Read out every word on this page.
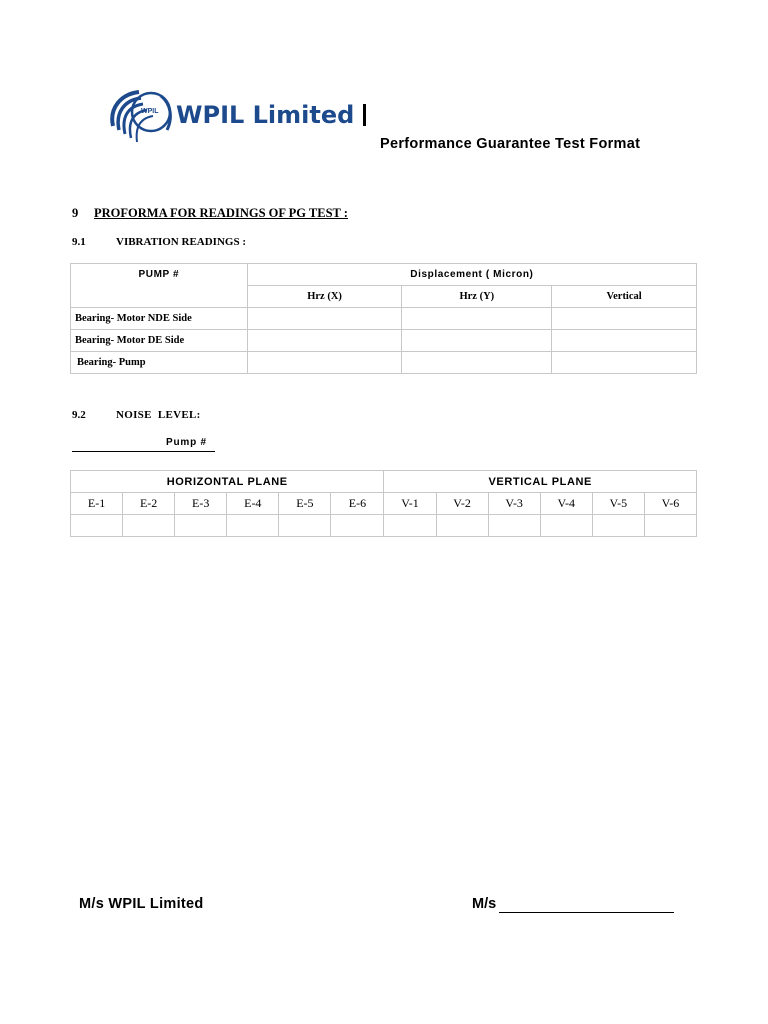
WPIL WPIL Limited
Performance Guarantee Test Format
9 PROFORMA FOR READINGS OF PG TEST :
9.1	VIBRATION READINGS :
PUMP #	Displacement ( Micron)		
	Hrz (X)	Hrz (Y)	Vertical
Bearing- Motor NDE Side			
Bearing- Motor DE Side			
Bearing- Pump			
9.2	NOISE  LEVEL:
Pump #
HORIZONTAL PLANE						VERTICAL PLANE					
E-1	E-2	E-3	E-4	E-5	E-6	V-1	V-2	V-3	V-4	V-5	V-6

M/s WPIL Limited	M/s
